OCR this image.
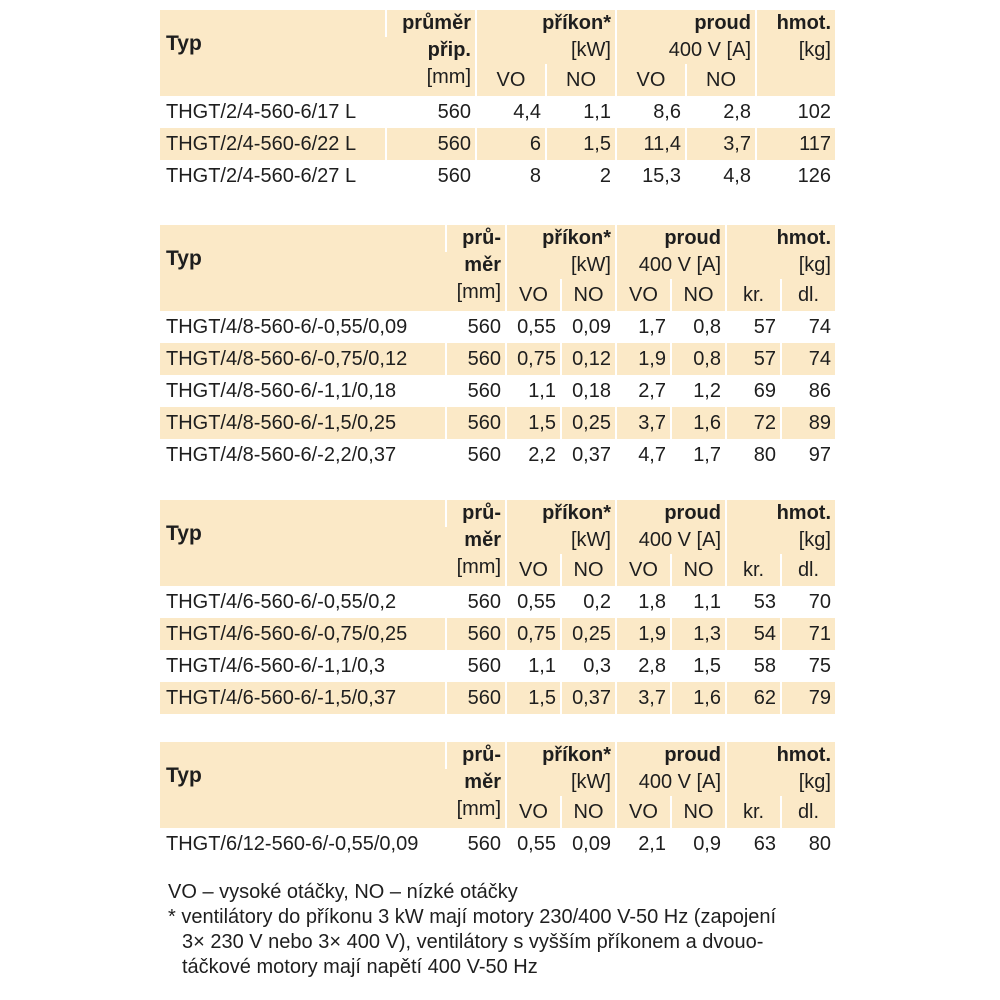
Typ	průměr	příkon*		proud		hmot.
	přip.	[kW]		400 V [A]		[kg]
	[mm]	VO	NO	VO	NO	
THGT/2/4-560-6/17 L	560	4,4	1,1	8,6	2,8	102
THGT/2/4-560-6/22 L	560	6	1,5	11,4	3,7	117
THGT/2/4-560-6/27 L	560	8	2	15,3	4,8	126
Typ	prů-	příkon*		proud		hmot.	
	měr	[kW]		400 V [A]		[kg]	
	[mm]	VO	NO	VO	NO	kr.	dl.
THGT/4/8-560-6/-0,55/0,09	560	0,55	0,09	1,7	0,8	57	74
THGT/4/8-560-6/-0,75/0,12	560	0,75	0,12	1,9	0,8	57	74
THGT/4/8-560-6/-1,1/0,18	560	1,1	0,18	2,7	1,2	69	86
THGT/4/8-560-6/-1,5/0,25	560	1,5	0,25	3,7	1,6	72	89
THGT/4/8-560-6/-2,2/0,37	560	2,2	0,37	4,7	1,7	80	97
Typ	prů-	příkon*		proud		hmot.	
	měr	[kW]		400 V [A]		[kg]	
	[mm]	VO	NO	VO	NO	kr.	dl.
THGT/4/6-560-6/-0,55/0,2	560	0,55	0,2	1,8	1,1	53	70
THGT/4/6-560-6/-0,75/0,25	560	0,75	0,25	1,9	1,3	54	71
THGT/4/6-560-6/-1,1/0,3	560	1,1	0,3	2,8	1,5	58	75
THGT/4/6-560-6/-1,5/0,37	560	1,5	0,37	3,7	1,6	62	79
Typ	prů-	příkon*		proud		hmot.	
	měr	[kW]		400 V [A]		[kg]	
	[mm]	VO	NO	VO	NO	kr.	dl.
THGT/6/12-560-6/-0,55/0,09	560	0,55	0,09	2,1	0,9	63	80
VO – vysoké otáčky, NO – nízké otáčky
* ventilátory do příkonu 3 kW mají motory 230/400 V-50 Hz (zapojení
3× 230 V nebo 3× 400 V), ventilátory s vyšším příkonem a dvouo-
táčkové motory mají napětí 400 V-50 Hz
